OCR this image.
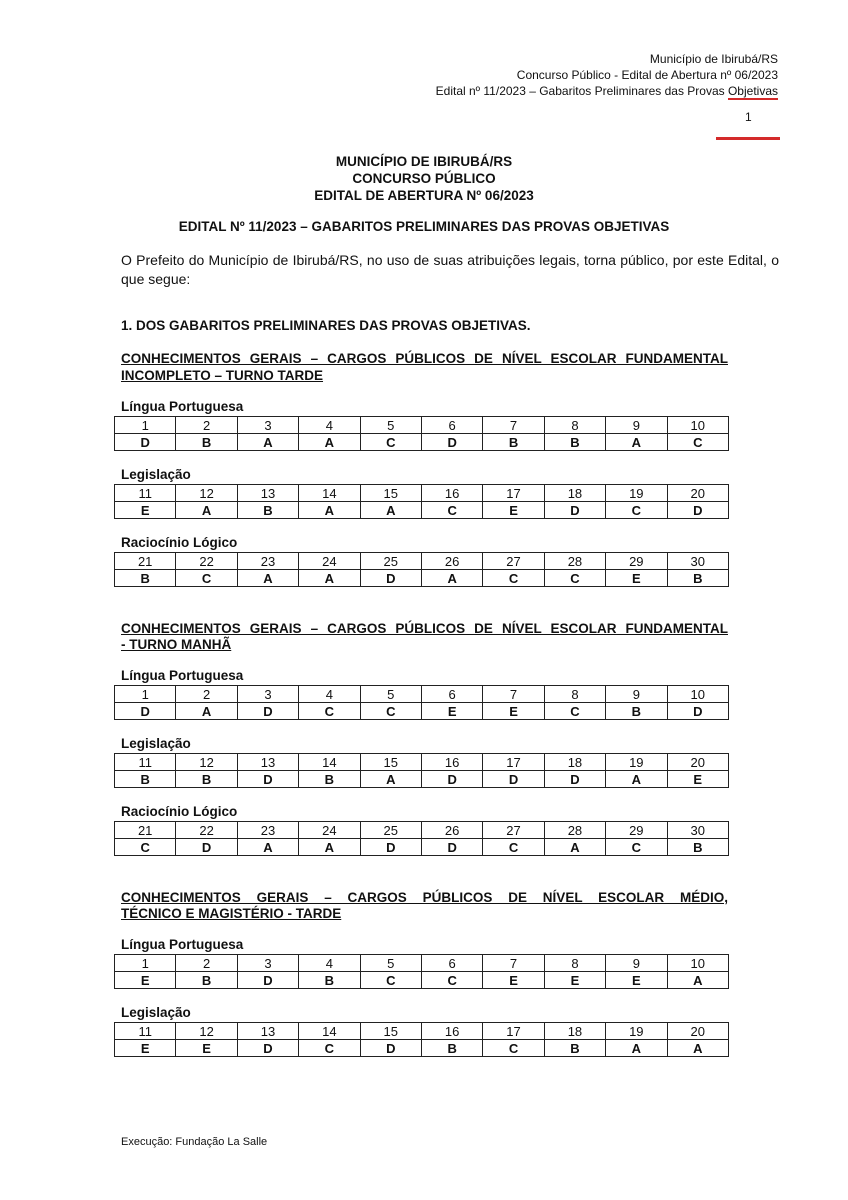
Município de Ibirubá/RS
Concurso Público - Edital de Abertura nº 06/2023
Edital nº 11/2023 – Gabaritos Preliminares das Provas Objetivas
1
MUNICÍPIO DE IBIRUBÁ/RS
CONCURSO PÚBLICO
EDITAL DE ABERTURA Nº 06/2023
EDITAL Nº 11/2023 – GABARITOS PRELIMINARES DAS PROVAS OBJETIVAS
O Prefeito do Município de Ibirubá/RS, no uso de suas atribuições legais, torna público, por este Edital, o que segue:
1. DOS GABARITOS PRELIMINARES DAS PROVAS OBJETIVAS.
CONHECIMENTOS GERAIS – CARGOS PÚBLICOS DE NÍVEL ESCOLAR FUNDAMENTAL
INCOMPLETO – TURNO TARDE
Língua Portuguesa
1	2	3	4	5	6	7	8	9	10
D	B	A	A	C	D	B	B	A	C
Legislação
11	12	13	14	15	16	17	18	19	20
E	A	B	A	A	C	E	D	C	D
Raciocínio Lógico
21	22	23	24	25	26	27	28	29	30
B	C	A	A	D	A	C	C	E	B
CONHECIMENTOS GERAIS – CARGOS PÚBLICOS DE NÍVEL ESCOLAR FUNDAMENTAL
- TURNO MANHÃ
Língua Portuguesa
1	2	3	4	5	6	7	8	9	10
D	A	D	C	C	E	E	C	B	D
Legislação
11	12	13	14	15	16	17	18	19	20
B	B	D	B	A	D	D	D	A	E
Raciocínio Lógico
21	22	23	24	25	26	27	28	29	30
C	D	A	A	D	D	C	A	C	B
CONHECIMENTOS GERAIS – CARGOS PÚBLICOS DE NÍVEL ESCOLAR MÉDIO,
TÉCNICO E MAGISTÉRIO - TARDE
Língua Portuguesa
1	2	3	4	5	6	7	8	9	10
E	B	D	B	C	C	E	E	E	A
Legislação
11	12	13	14	15	16	17	18	19	20
E	E	D	C	D	B	C	B	A	A
Execução: Fundação La Salle
